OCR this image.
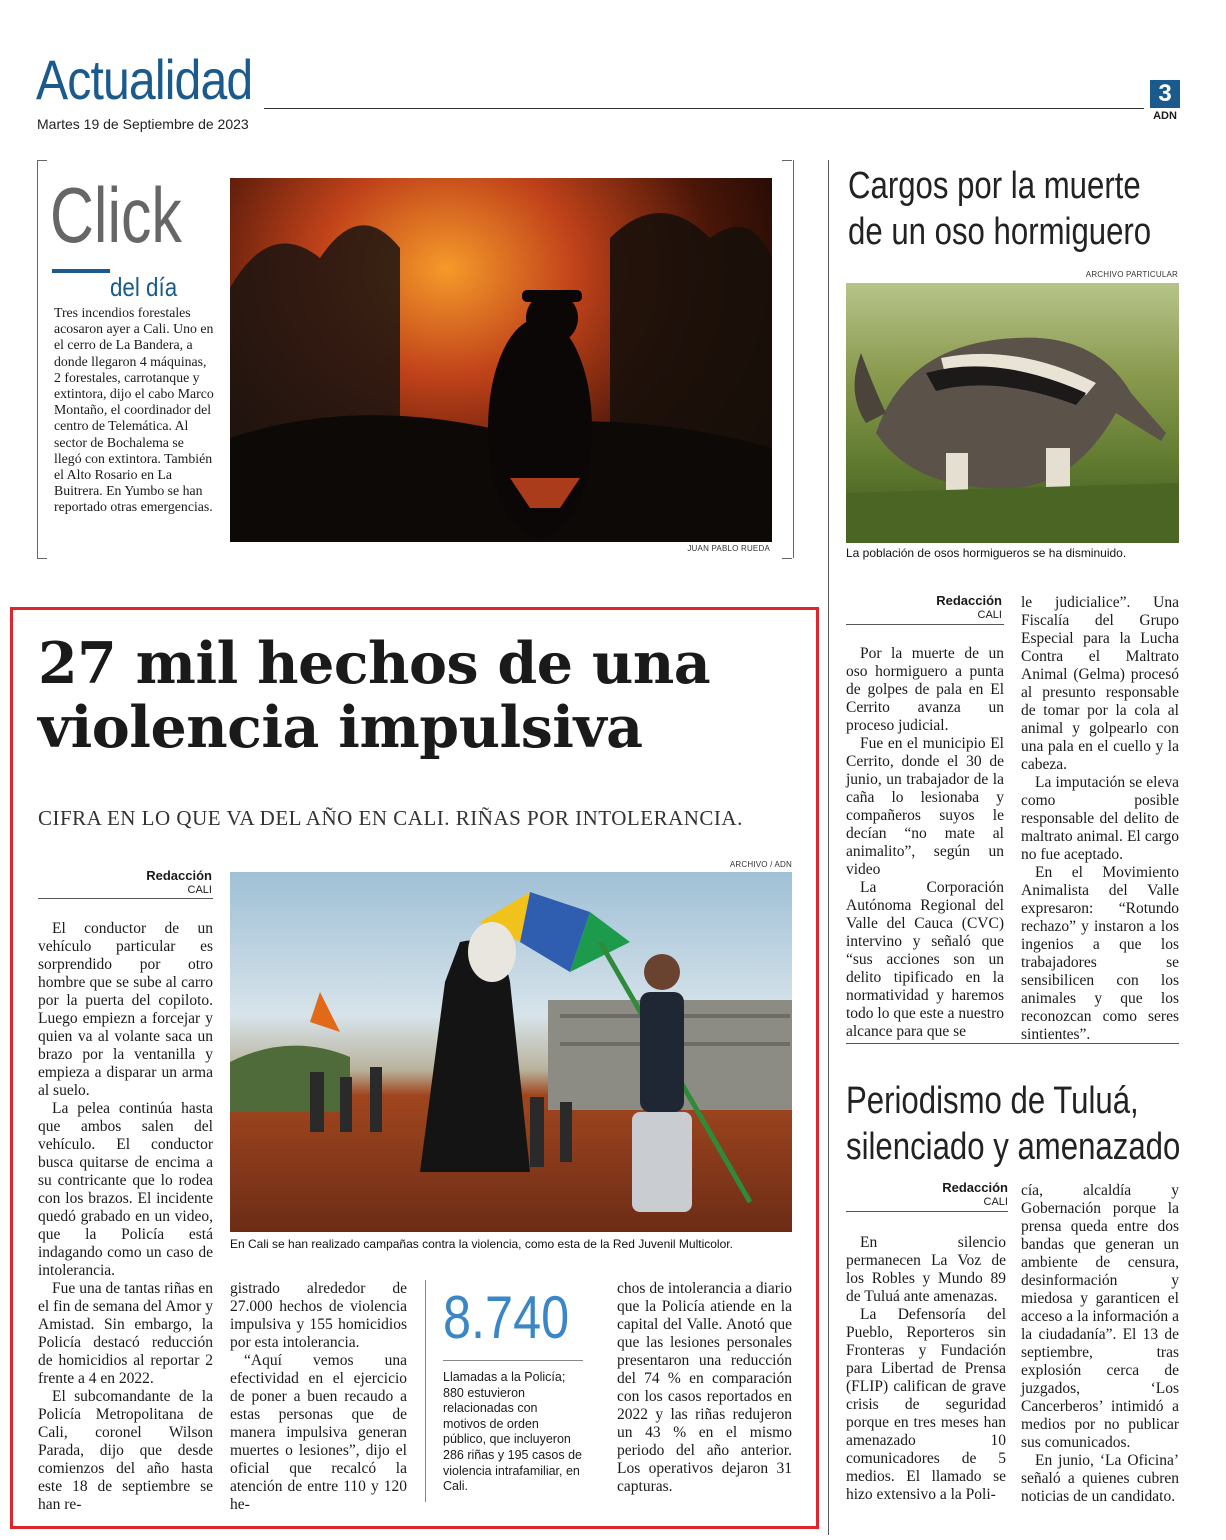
Actualidad
Martes 19 de Septiembre de 2023
3
ADN
Click
del día
Tres incendios forestales acosaron ayer a Cali. Uno en el cerro de La Bandera, a donde llegaron 4 máquinas, 2 forestales, carrotanque y extintora, dijo el cabo Marco Montaño, el coordinador del centro de Telemática. Al sector de Bochalema se llegó con extintora. También el Alto Rosario en La Buitrera. En Yumbo se han reportado otras emergencias.
JUAN PABLO RUEDA
27 mil hechos de una violencia impulsiva
CIFRA EN LO QUE VA DEL AÑO EN CALI. RIÑAS POR INTOLERANCIA.
Redacción
CALI
ARCHIVO / ADN
En Cali se han realizado campañas contra la violencia, como esta de la Red Juvenil Multicolor.

El conductor de un vehículo particular es sorprendido por otro hombre que se sube al carro por la puerta del copiloto. Luego empiezn a forcejar y quien va al volante saca un brazo por la ventanilla y empieza a disparar un arma al suelo.

La pelea continúa hasta que ambos salen del vehículo. El conductor busca quitarse de encima a su contricante que lo rodea con los brazos. El incidente quedó grabado en un video, que la Policía está indagando como un caso de intolerancia.

Fue una de tantas riñas en el fin de semana del Amor y Amistad. Sin embargo, la Policía destacó reducción de homicidios al reportar 2 frente a 4 en 2022.

El subcomandante de la Policía Metropolitana de Cali, coronel Wilson Parada, dijo que desde comienzos del año hasta este 18 de septiembre se han re-

gistrado alrededor de 27.000 hechos de violencia impulsiva y 155 homicidios por esta intolerancia.

“Aquí vemos una efectividad en el ejercicio de poner a buen recaudo a estas personas que de manera impulsiva generan muertes o lesiones”, dijo el oficial que recalcó la atención de entre 110 y 120 he-

8.740
Llamadas a la Policía; 880 estuvieron relacionadas con motivos de orden público, que incluyeron 286 riñas y 195 casos de violencia intrafamiliar, en Cali.

chos de intolerancia a diario que la Policía atiende en la capital del Valle. Anotó que que las lesiones personales presentaron una reducción del 74 % en comparación con los casos reportados en 2022 y las riñas redujeron un 43 % en el mismo periodo del año anterior. Los operativos dejaron 31 capturas.

Cargos por la muerte
de un oso hormiguero
ARCHIVO PARTICULAR
La población de osos hormigueros se ha disminuido.
Redacción
CALI

Por la muerte de un oso hormiguero a punta de golpes de pala en El Cerrito avanza un proceso judicial.

Fue en el municipio El Cerrito, donde el 30 de junio, un trabajador de la caña lo lesionaba y compañeros suyos le decían “no mate al animalito”, según un video

La Corporación Autónoma Regional del Valle del Cauca (CVC) intervino y señaló que “sus acciones son un delito tipificado en la normatividad y haremos todo lo que este a nuestro alcance para que se

le judicialice”. Una Fiscalía del Grupo Especial para la Lucha Contra el Maltrato Animal (Gelma) procesó al presunto responsable de tomar por la cola al animal y golpearlo con una pala en el cuello y la cabeza.

La imputación se eleva como posible responsable del delito de maltrato animal. El cargo no fue aceptado.

En el Movimiento Animalista del Valle expresaron: “Rotundo rechazo” y instaron a los ingenios a que los trabajadores se sensibilicen con los animales y que los reconozcan como seres sintientes”.

Periodismo de Tuluá,
silenciado y amenazado
Redacción
CALI

En silencio permanecen La Voz de los Robles y Mundo 89 de Tuluá ante amenazas.

La Defensoría del Pueblo, Reporteros sin Fronteras y Fundación para Libertad de Prensa (FLIP) califican de grave crisis de seguridad porque en tres meses han amenazado 10 comunicadores de 5 medios. El llamado se hizo extensivo a la Poli-

cía, alcaldía y Gobernación porque la prensa queda entre dos bandas que generan un ambiente de censura, desinformación y miedosa y garanticen el acceso a la información a la ciudadanía”. El 13 de septiembre, tras explosión cerca de juzgados, ‘Los Cancerberos’ intimidó a medios por no publicar sus comunicados.

En junio, ‘La Oficina’ señaló a quienes cubren noticias de un candidato.
